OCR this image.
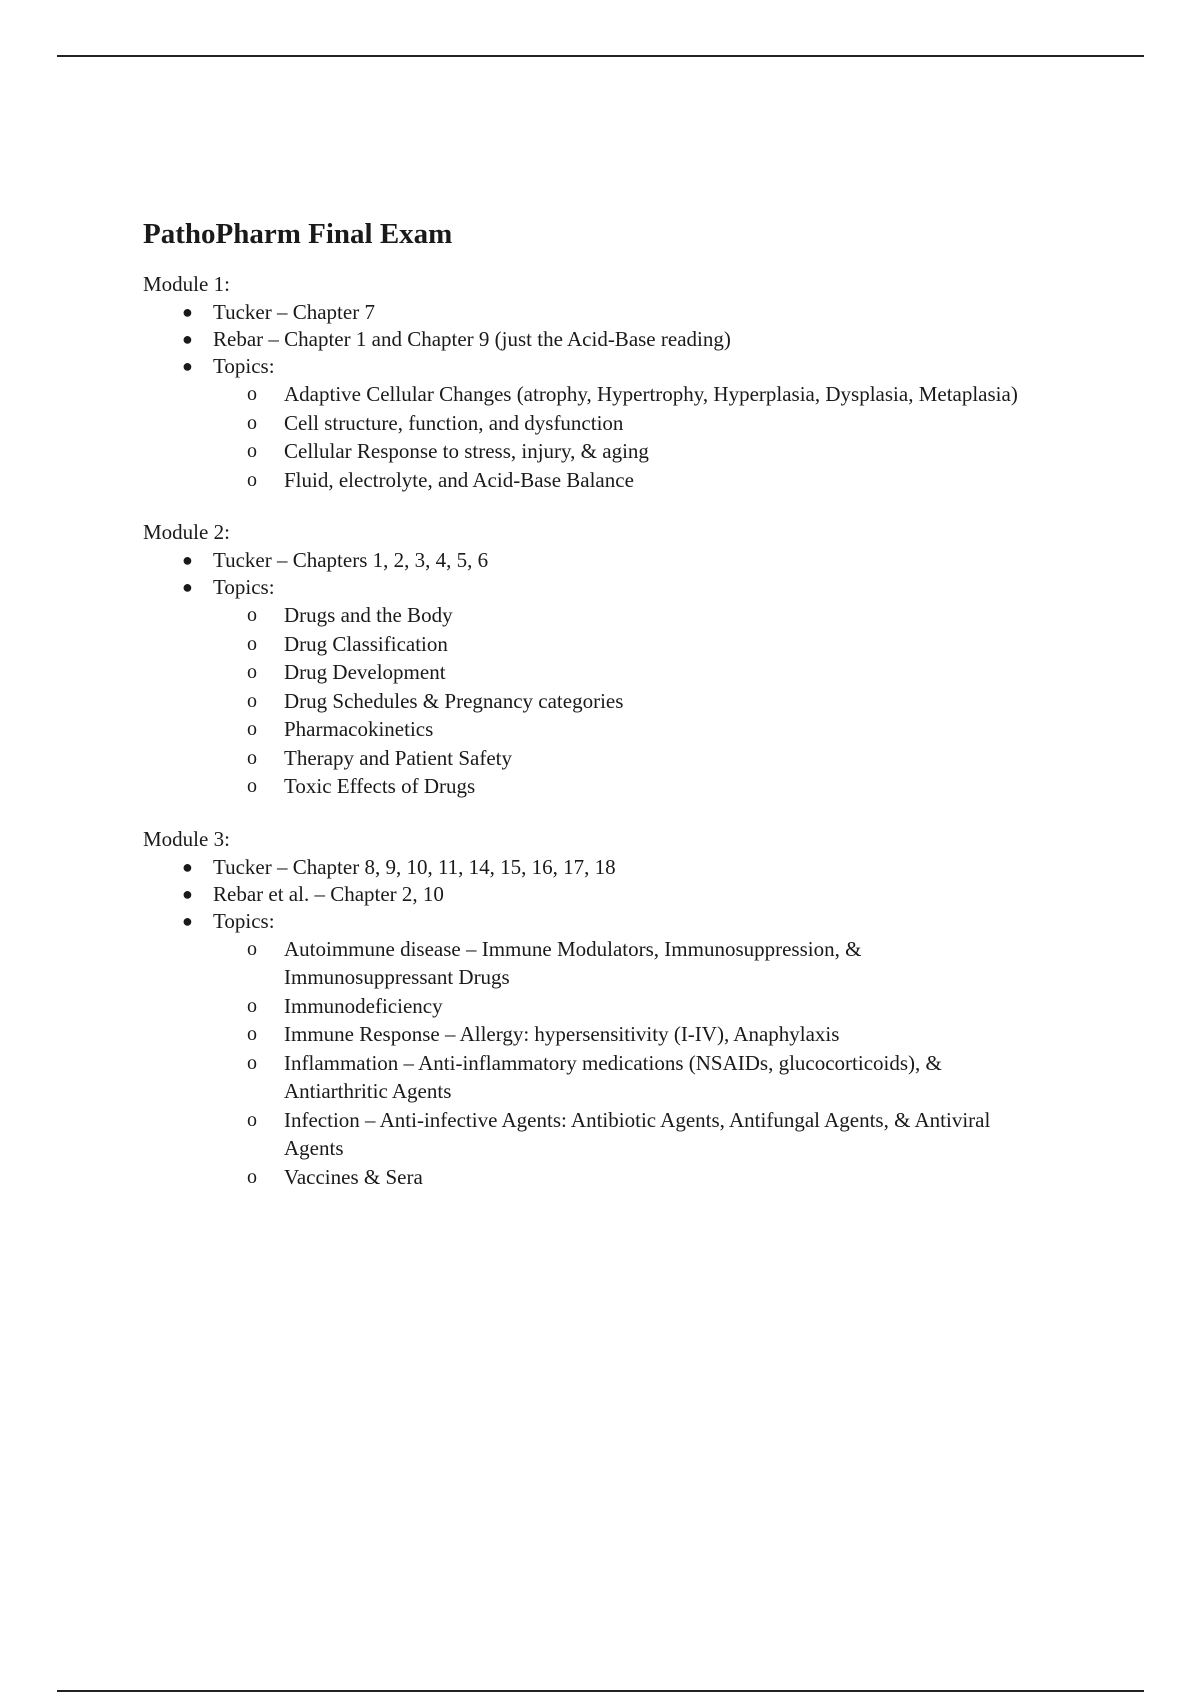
PathoPharm Final Exam

Module 1:

● Tucker – Chapter 7
● Rebar – Chapter 1 and Chapter 9 (just the Acid-Base reading)
● Topics:
o Adaptive Cellular Changes (atrophy, Hypertrophy, Hyperplasia, Dysplasia, Metaplasia)
o Cell structure, function, and dysfunction
o Cellular Response to stress, injury, & aging
o Fluid, electrolyte, and Acid-Base Balance

Module 2:

● Tucker – Chapters 1, 2, 3, 4, 5, 6
● Topics:
o Drugs and the Body
o Drug Classification
o Drug Development
o Drug Schedules & Pregnancy categories
o Pharmacokinetics
o Therapy and Patient Safety
o Toxic Effects of Drugs

Module 3:

● Tucker – Chapter 8, 9, 10, 11, 14, 15, 16, 17, 18
● Rebar et al. – Chapter 2, 10
● Topics:
o Autoimmune disease – Immune Modulators, Immunosuppression, & Immunosuppressant Drugs
o Immunodeficiency
o Immune Response – Allergy: hypersensitivity (I-IV), Anaphylaxis
o Inflammation – Anti-inflammatory medications (NSAIDs, glucocorticoids), & Antiarthritic Agents
o Infection – Anti-infective Agents: Antibiotic Agents, Antifungal Agents, & Antiviral Agents
o Vaccines & Sera
